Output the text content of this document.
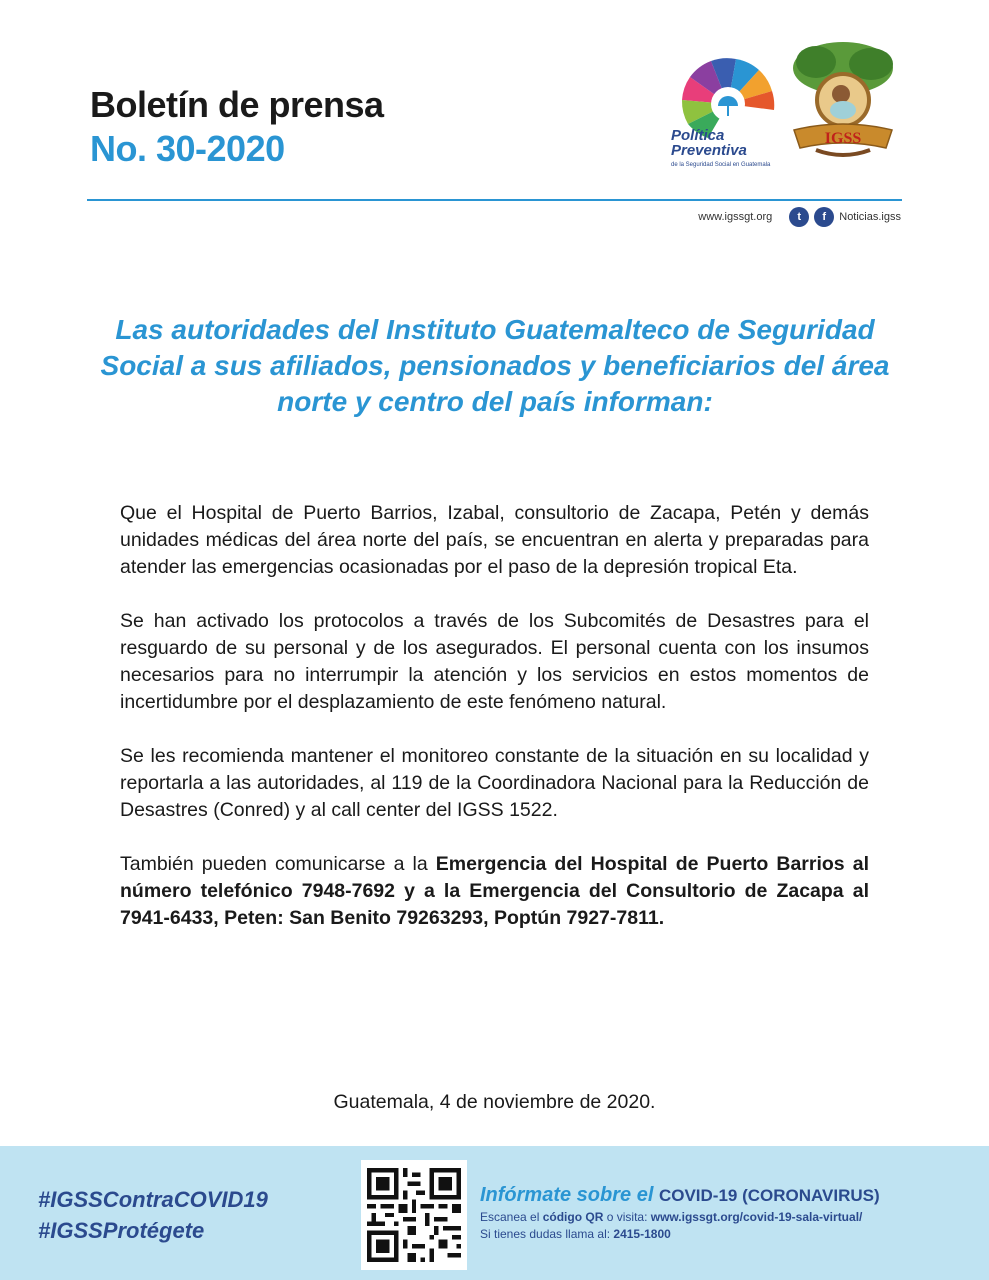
Boletín de prensa
No. 30-2020	Política Preventiva
de la Seguridad Social en Guatemala
IGSS
www.igssgt.org	t	f	Noticias.igss
Las autoridades del Instituto Guatemalteco de Seguridad Social a sus afiliados, pensionados y beneficiarios del área norte y centro del país informan:

Que el Hospital de Puerto Barrios, Izabal, consultorio de Zacapa, Petén y demás unidades médicas del área norte del país, se encuentran en alerta y preparadas para atender las emergencias ocasionadas por el paso de la depresión tropical Eta.

Se han activado los protocolos a través de los Subcomités de Desastres para el resguardo de su personal y de los asegurados. El personal cuenta con los insumos necesarios para no interrumpir la atención y los servicios en estos momentos de incertidumbre por el desplazamiento de este fenómeno natural.

Se les recomienda mantener el monitoreo constante de la situación en su localidad y reportarla a las autoridades, al 119 de la Coordinadora Nacional para la Reducción de Desastres (Conred) y al call center del IGSS 1522.

También pueden comunicarse a la Emergencia del Hospital de Puerto Barrios al número telefónico 7948-7692 y a la Emergencia del Consultorio de Zacapa al 7941-6433, Peten: San Benito 79263293, Poptún 7927-7811.

Guatemala, 4 de noviembre de 2020.
#IGSSContraCOVID19
#IGSSProtégete
Infórmate sobre el COVID-19 (CORONAVIRUS)
Escanea el código QR o visita: www.igssgt.org/covid-19-sala-virtual/
Si tienes dudas llama al: 2415-1800
